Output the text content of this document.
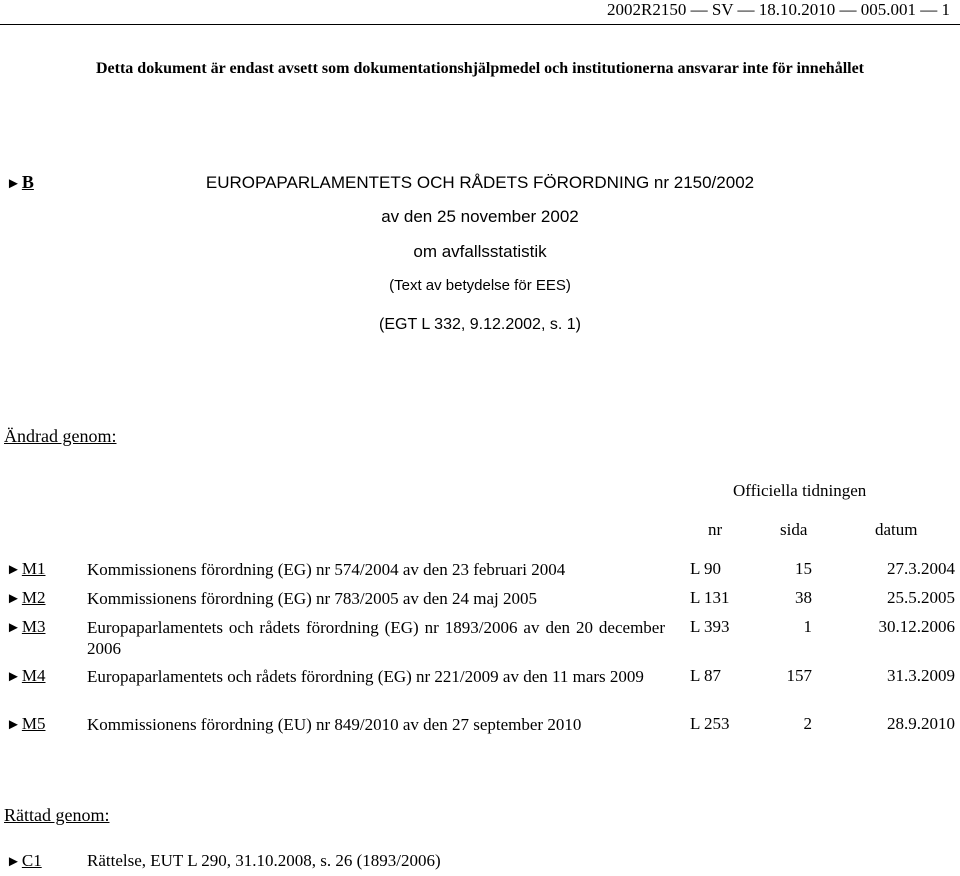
2002R2150 — SV — 18.10.2010 — 005.001 — 1
Detta dokument är endast avsett som dokumentationshjälpmedel och institutionerna ansvarar inte för innehållet
►B	EUROPAPARLAMENTETS OCH RÅDETS FÖRORDNING nr 2150/2002
av den 25 november 2002
om avfallsstatistik
(Text av betydelse för EES)
(EGT L 332, 9.12.2002, s. 1)
Ändrad genom:
Officiella tidningen
nr	sida	datum
►M1 Kommissionens förordning (EG) nr 574/2004 av den 23 februari 2004	L 90	15	27.3.2004
►M2 Kommissionens förordning (EG) nr 783/2005 av den 24 maj 2005	L 131	38	25.5.2005
►M3 Europaparlamentets och rådets förordning (EG) nr 1893/2006 av den 20 december 2006
L 393	1	30.12.2006
►M4 Europaparlamentets och rådets förordning (EG) nr 221/2009 av den 11 mars 2009	L 87	157	31.3.2009
►M5 Kommissionens förordning (EU) nr 849/2010 av den 27 september 2010	L 253	2	28.9.2010
Rättad genom:
►C1	Rättelse, EUT L 290, 31.10.2008, s. 26 (1893/2006)
